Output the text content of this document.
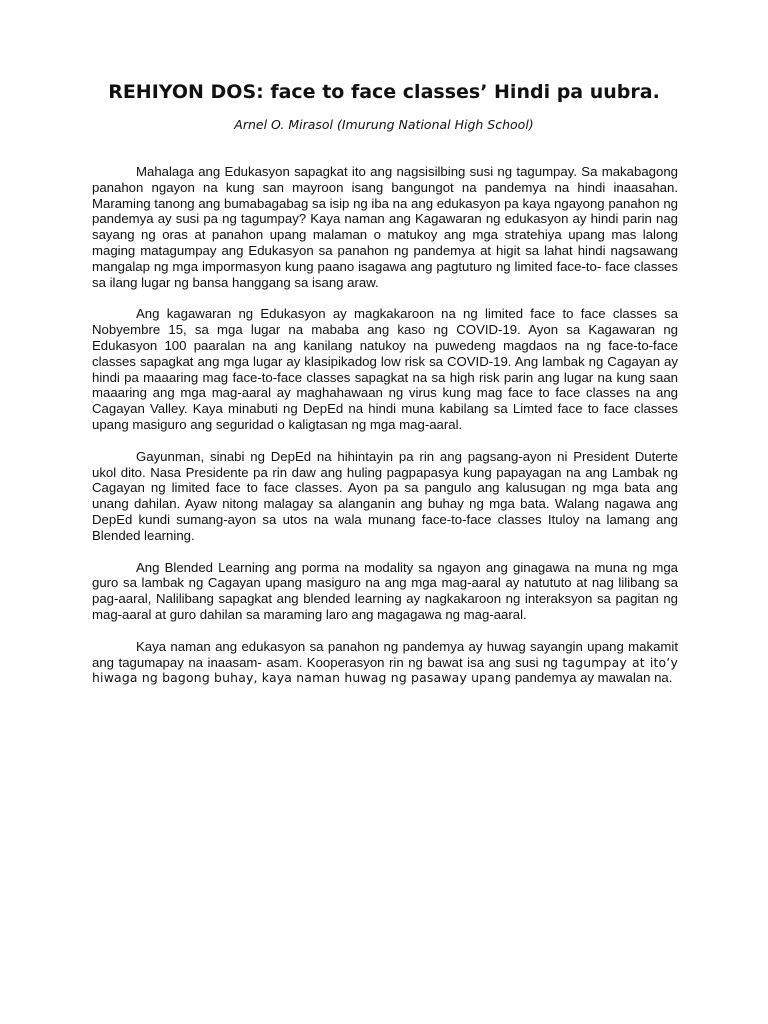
REHIYON DOS: face to face classes’ Hindi pa uubra.

Arnel O. Mirasol (Imurung National High School)

Mahalaga ang Edukasyon sapagkat ito ang nagsisilbing susi ng tagumpay. Sa makabagong panahon ngayon na kung san mayroon isang bangungot na pandemya na hindi inaasahan. Maraming tanong ang bumabagabag sa isip ng iba na ang edukasyon pa kaya ngayong panahon ng pandemya ay susi pa ng tagumpay? Kaya naman ang Kagawaran ng edukasyon ay hindi parin nag sayang ng oras at panahon upang malaman o matukoy ang mga stratehiya upang mas lalong maging matagumpay ang Edukasyon sa panahon ng pandemya at higit sa lahat hindi nagsawang mangalap ng mga impormasyon kung paano isagawa ang pagtuturo ng limited face-to- face classes sa ilang lugar ng bansa hanggang sa isang araw.

Ang kagawaran ng Edukasyon ay magkakaroon na ng limited face to face classes sa Nobyembre 15, sa mga lugar na mababa ang kaso ng COVID-19. Ayon sa Kagawaran ng Edukasyon 100 paaralan na ang kanilang natukoy na puwedeng magdaos na ng face-to-face classes sapagkat ang mga lugar ay klasipikadog low risk sa COVID-19. Ang lambak ng Cagayan ay hindi pa maaaring mag face-to-face classes sapagkat na sa high risk parin ang lugar na kung saan maaaring ang mga mag-aaral ay maghahawaan ng virus kung mag face to face classes na ang Cagayan Valley. Kaya minabuti ng DepEd na hindi muna kabilang sa Limted face to face classes upang masiguro ang seguridad o kaligtasan ng mga mag-aaral.

Gayunman, sinabi ng DepEd na hihintayin pa rin ang pagsang-ayon ni President Duterte ukol dito. Nasa Presidente pa rin daw ang huling pagpapasya kung papayagan na ang Lambak ng Cagayan ng limited face to face classes. Ayon pa sa pangulo ang kalusugan ng mga bata ang unang dahilan. Ayaw nitong malagay sa alanganin ang buhay ng mga bata. Walang nagawa ang DepEd kundi sumang-ayon sa utos na wala munang face-to-face classes Ituloy na lamang ang Blended learning.

Ang Blended Learning ang porma na modality sa ngayon ang ginagawa na muna ng mga guro sa lambak ng Cagayan upang masiguro na ang mga mag-aaral ay natututo at nag lilibang sa pag-aaral, Nalilibang sapagkat ang blended learning ay nagkakaroon ng interaksyon sa pagitan ng mag-aaral at guro dahilan sa maraming laro ang magagawa ng mag-aaral.

Kaya naman ang edukasyon sa panahon ng pandemya ay huwag sayangin upang makamit ang tagumapay na inaasam- asam. Kooperasyon rin ng bawat isa ang susi ng tagumpay at ito’y hiwaga ng bagong buhay, kaya naman huwag ng pasaway upang pandemya ay mawalan na.
